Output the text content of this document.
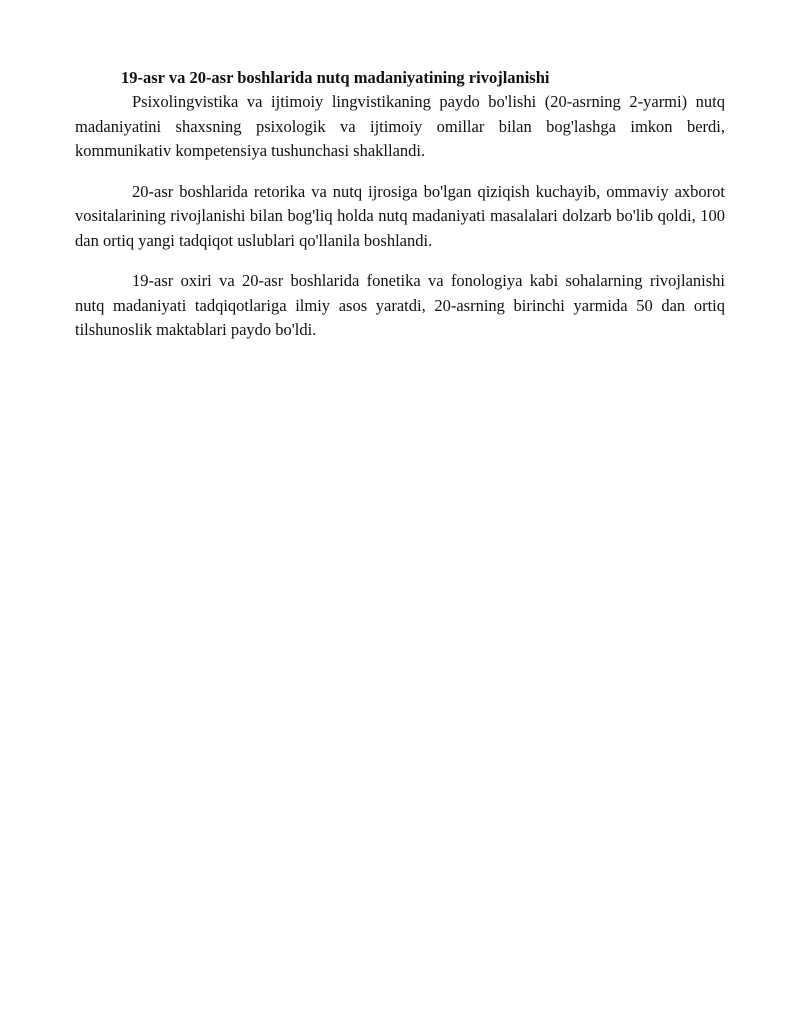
19-asr va 20-asr boshlarida nutq madaniyatining rivojlanishi

Psixolingvistika va ijtimoiy lingvistikaning paydo bo'lishi (20-asrning 2-yarmi) nutq madaniyatini shaxsning psixologik va ijtimoiy omillar bilan bog'lashga imkon berdi, kommunikativ kompetensiya tushunchasi shakllandi.

20-asr boshlarida retorika va nutq ijrosiga bo'lgan qiziqish kuchayib, ommaviy axborot vositalarining rivojlanishi bilan bog'liq holda nutq madaniyati masalalari dolzarb bo'lib qoldi, 100 dan ortiq yangi tadqiqot uslublari qo'llanila boshlandi.

19-asr oxiri va 20-asr boshlarida fonetika va fonologiya kabi sohalarning rivojlanishi nutq madaniyati tadqiqotlariga ilmiy asos yaratdi, 20-asrning birinchi yarmida 50 dan ortiq tilshunoslik maktablari paydo bo'ldi.
